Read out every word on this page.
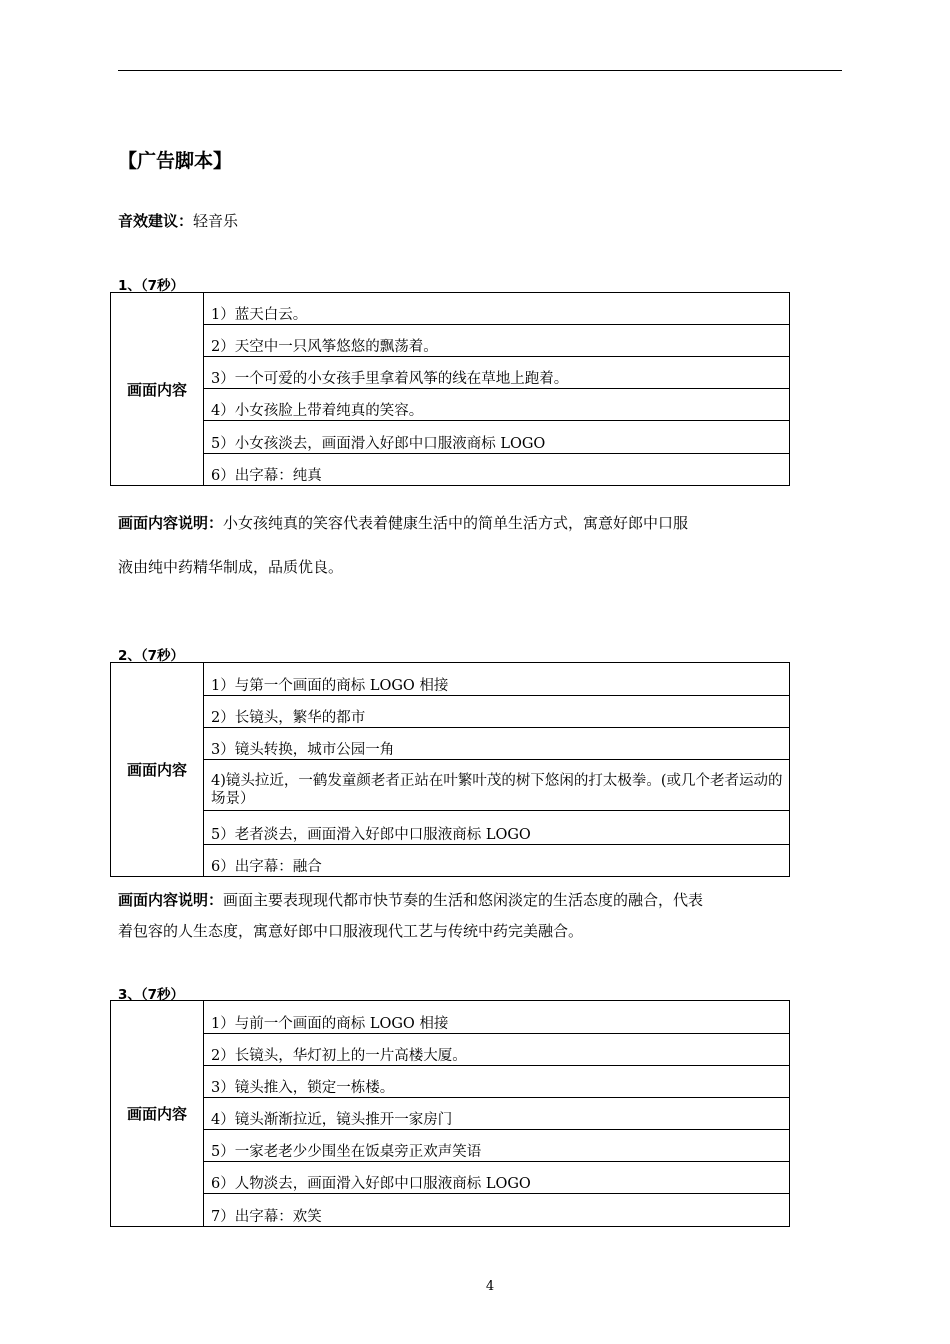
【广告脚本】
音效建议：轻音乐
1、（7秒）
画面内容	1）蓝天白云。
2）天空中一只风筝悠悠的飘荡着。
3）一个可爱的小女孩手里拿着风筝的线在草地上跑着。
4）小女孩脸上带着纯真的笑容。
5）小女孩淡去，画面滑入好郎中口服液商标 LOGO
6）出字幕：纯真
画面内容说明：小女孩纯真的笑容代表着健康生活中的简单生活方式，寓意好郎中口服
液由纯中药精华制成，品质优良。
2、（7秒）
画面内容	1）与第一个画面的商标 LOGO 相接
2）长镜头，繁华的都市
3）镜头转换，城市公园一角
4)镜头拉近，一鹤发童颜老者正站在叶繁叶茂的树下悠闲的打太极拳。(或几个老者运动的场景）
5）老者淡去，画面滑入好郎中口服液商标 LOGO
6）出字幕：融合
画面内容说明：画面主要表现现代都市快节奏的生活和悠闲淡定的生活态度的融合，代表
着包容的人生态度，寓意好郎中口服液现代工艺与传统中药完美融合。
3、（7秒）
画面内容	1）与前一个画面的商标 LOGO 相接
2）长镜头，华灯初上的一片高楼大厦。
3）镜头推入，锁定一栋楼。
4）镜头渐渐拉近，镜头推开一家房门
5）一家老老少少围坐在饭桌旁正欢声笑语
6）人物淡去，画面滑入好郎中口服液商标 LOGO
7）出字幕：欢笑
4
